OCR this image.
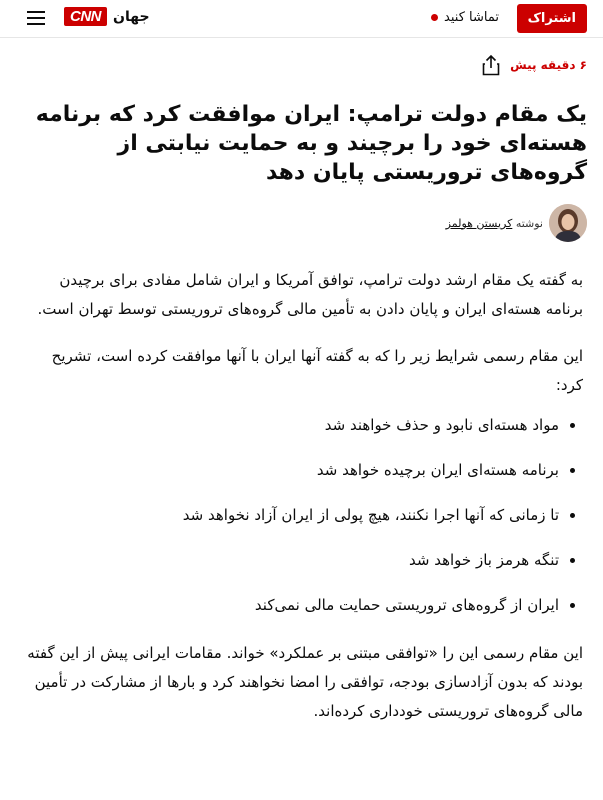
اشتراک
تماشا کنید
CNN جهان
۶ دقیقه پیش
یک مقام دولت ترامپ: ایران موافقت کرد که برنامه هسته‌ای خود را برچیند و به حمایت نیابتی از گروه‌های تروریستی پایان دهد
نوشته کریستن هولمز

به گفته یک مقام ارشد دولت ترامپ، توافق آمریکا و ایران شامل مفادی برای برچیدن برنامه هسته‌ای ایران و پایان دادن به تأمین مالی گروه‌های تروریستی توسط تهران است.

این مقام رسمی شرایط زیر را که به گفته آنها ایران با آنها موافقت کرده است، تشریح کرد:

• مواد هسته‌ای نابود و حذف خواهند شد
• برنامه هسته‌ای ایران برچیده خواهد شد
• تا زمانی که آنها اجرا نکنند، هیچ پولی از ایران آزاد نخواهد شد
• تنگه هرمز باز خواهد شد
• ایران از گروه‌های تروریستی حمایت مالی نمی‌کند

این مقام رسمی این را «توافقی مبتنی بر عملکرد» خواند. مقامات ایرانی پیش از این گفته بودند که بدون آزادسازی بودجه، توافقی را امضا نخواهند کرد و بارها از مشارکت در تأمین مالی گروه‌های تروریستی خودداری کرده‌اند.
